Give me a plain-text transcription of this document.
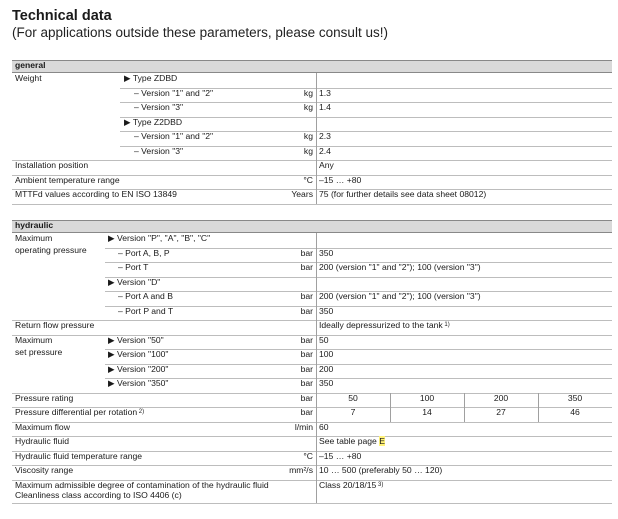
Technical data
(For applications outside these parameters, please consult us!)
general
hydraulic
Weight	▶ Type ZDBD
– Version "1" and "2"	kg 1.3
– Version "3"	kg 1.4
▶ Type Z2DBD
– Version "1" and "2"	kg 2.3
– Version "3"	kg 2.4
Installation position	Any
Ambient temperature range	°C –15 … +80
MTTFd values according to EN ISO 13849	Years 75 (for further details see data sheet 08012)
Maximum
operating pressure
▶ Version "P", "A", "B", "C"
– Port A, B, P	bar 350
– Port T	bar 200 (version "1" and "2"); 100 (version "3")
▶ Version "D"
– Port A and B	bar 200 (version "1" and "2"); 100 (version "3")
– Port P and T	bar 350
Return flow pressure	Ideally depressurized to the tank $^{1)}$
Maximum
set pressure
▶ Version "50"	bar 50
▶ Version "100"	bar 100
▶ Version "200"	bar 200
▶ Version "350"	bar 350
Pressure rating	bar	50	100	200	350
Pressure differential per rotation $^{2)}$	bar	7	14	27	46
Maximum flow	l/min 60
Hydraulic fluid	See table page E
Hydraulic fluid temperature range	°C –15 … +80
Viscosity range	mm²/s 10 … 500 (preferably 50 … 120)
Maximum admissible degree of contamination of the hydraulic fluid
Cleanliness class according to ISO 4406 (c)
Class 20/18/15 $^{3)}$
